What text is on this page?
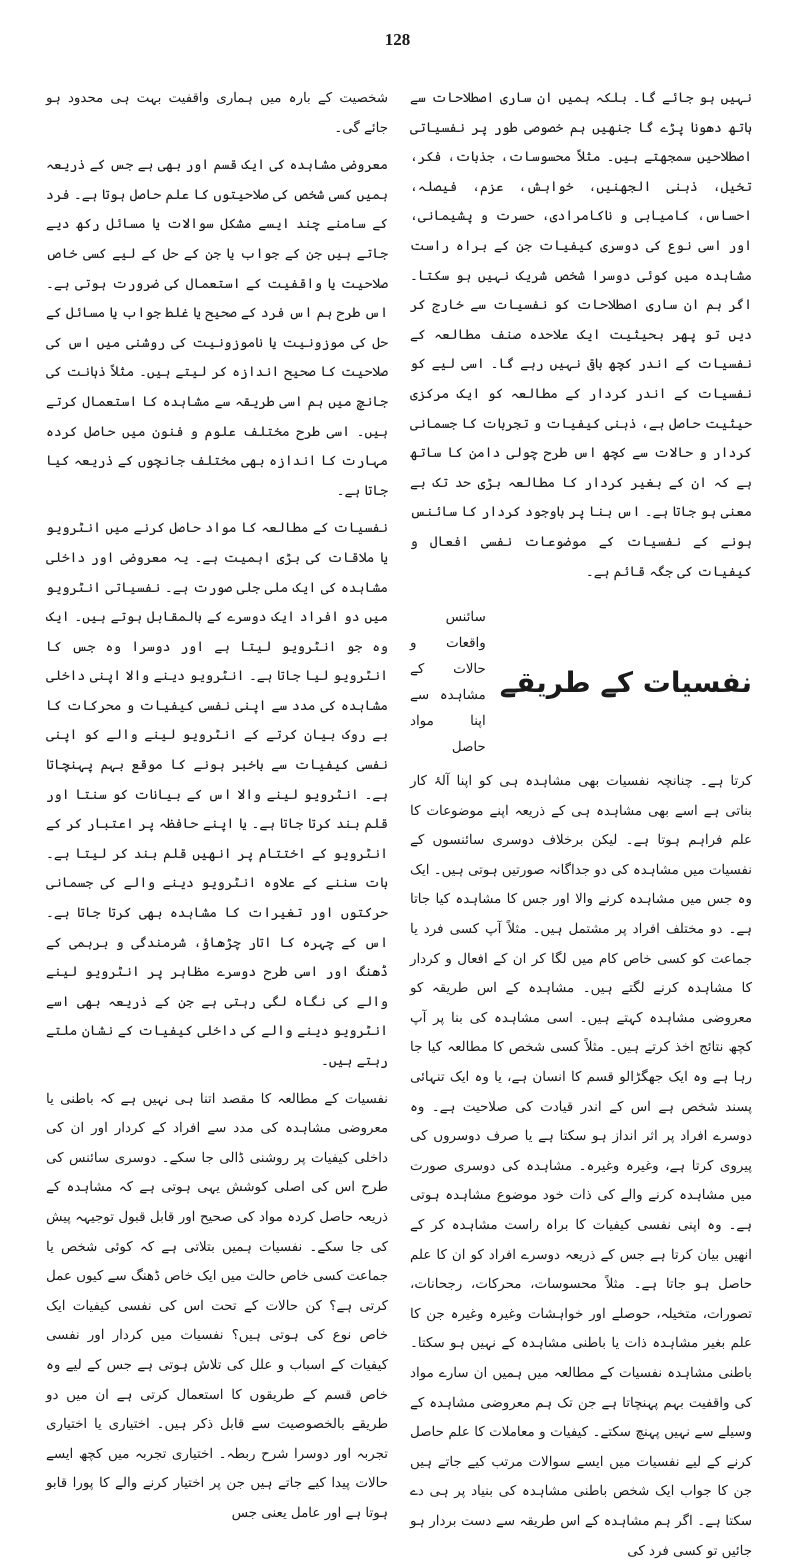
128

نہیں ہو جائے گا۔ بلکہ ہمیں ان ساری اصطلاحات سے ہاتھ دھونا پڑے گا جنھیں ہم خصوصی طور پر نفسیاتی اصطلاحیں سمجھتے ہیں۔ مثلاً محسوسات، جذبات، فکر، تخیل، ذہنی الجھنیں، خواہش، عزم، فیصلہ، احساس، کامیابی و ناکامرادی، حسرت و پشیمانی، اور اسی نوع کی دوسری کیفیات جن کے براہ راست مشاہدہ میں کوئی دوسرا شخص شریک نہیں ہو سکتا۔ اگر ہم ان ساری اصطلاحات کو نفسیات سے خارج کر دیں تو پھر بحیثیت ایک علاحدہ صنف مطالعہ کے نفسیات کے اندر کچھ باقی نہیں رہے گا۔ اسی لیے کو نفسیات کے اندر کردار کے مطالعہ کو ایک مرکزی حیثیت حاصل ہے، ذہنی کیفیات و تجربات کا جسمانی کردار و حالات سے کچھ اس طرح چولی دامن کا ساتھ ہے کہ ان کے بغیر کردار کا مطالعہ بڑی حد تک بے معنی ہو جاتا ہے۔ اس بنا پر باوجود کردار کا سائنس ہونے کے نفسیات کے موضوعات نفسی افعال و کیفیات کی جگہ قائم ہے۔

نفسیات کے طریقے
سائنس واقعات و حالات کے مشاہدہ سے اپنا مواد حاصل

کرتا ہے۔ چنانچہ نفسیات بھی مشاہدہ ہی کو اپنا آلۂ کار بناتی ہے اسے بھی مشاہدہ ہی کے ذریعہ اپنے موضوعات کا علم فراہم ہوتا ہے۔ لیکن برخلاف دوسری سائنسوں کے نفسیات میں مشاہدہ کی دو جداگانہ صورتیں ہوتی ہیں۔ ایک وہ جس میں مشاہدہ کرنے والا اور جس کا مشاہدہ کیا جاتا ہے۔ دو مختلف افراد پر مشتمل ہیں۔ مثلاً آپ کسی فرد یا جماعت کو کسی خاص کام میں لگا کر ان کے افعال و کردار کا مشاہدہ کرنے لگتے ہیں۔ مشاہدہ کے اس طریقہ کو معروضی مشاہدہ کہتے ہیں۔ اسی مشاہدہ کی بنا پر آپ کچھ نتائج اخذ کرتے ہیں۔ مثلاً کسی شخص کا مطالعہ کیا جا رہا ہے وہ ایک جھگڑالو قسم کا انسان ہے، یا وہ ایک تنہائی پسند شخص ہے اس کے اندر قیادت کی صلاحیت ہے۔ وہ دوسرے افراد پر اثر انداز ہو سکتا ہے یا صرف دوسروں کی پیروی کرتا ہے، وغیرہ وغیرہ۔ مشاہدہ کی دوسری صورت میں مشاہدہ کرنے والے کی ذات خود موضوع مشاہدہ ہوتی ہے۔ وہ اپنی نفسی کیفیات کا براہ راست مشاہدہ کر کے انھیں بیان کرتا ہے جس کے ذریعہ دوسرے افراد کو ان کا علم حاصل ہو جاتا ہے۔ مثلاً محسوسات، محرکات، رجحانات، تصورات، متخیلہ، حوصلے اور خواہشات وغیرہ وغیرہ جن کا علم بغیر مشاہدہ ذات یا باطنی مشاہدہ کے نہیں ہو سکتا۔ باطنی مشاہدہ نفسیات کے مطالعہ میں ہمیں ان سارے مواد کی واقفیت بہم پہنچاتا ہے جن تک ہم معروضی مشاہدہ کے وسیلے سے نہیں پہنچ سکتے۔ کیفیات و معاملات کا علم حاصل کرنے کے لیے نفسیات میں ایسے سوالات مرتب کیے جاتے ہیں جن کا جواب ایک شخص باطنی مشاہدہ کی بنیاد پر ہی دے سکتا ہے۔ اگر ہم مشاہدہ کے اس طریقہ سے دست بردار ہو جائیں تو کسی فرد کی

شخصیت کے بارہ میں ہماری واقفیت بہت ہی محدود ہو جائے گی۔

معروضی مشاہدہ کی ایک قسم اور بھی ہے جس کے ذریعہ ہمیں کسی شخص کی صلاحیتوں کا علم حاصل ہوتا ہے۔ فرد کے سامنے چند ایسے مشکل سوالات یا مسائل رکھ دیے جاتے ہیں جن کے جواب یا جن کے حل کے لیے کسی خاص صلاحیت یا واقفیت کے استعمال کی ضرورت ہوتی ہے۔ اس طرح ہم اس فرد کے صحیح یا غلط جواب یا مسائل کے حل کی موزونیت یا ناموزونیت کی روشنی میں اس کی صلاحیت کا صحیح اندازہ کر لیتے ہیں۔ مثلاً ذہانت کی جانچ میں ہم اسی طریقہ سے مشاہدہ کا استعمال کرتے ہیں۔ اسی طرح مختلف علوم و فنون میں حاصل کردہ مہارت کا اندازہ بھی مختلف جانچوں کے ذریعہ کیا جاتا ہے۔

نفسیات کے مطالعہ کا مواد حاصل کرنے میں انٹرویو یا ملاقات کی بڑی اہمیت ہے۔ یہ معروضی اور داخلی مشاہدہ کی ایک ملی جلی صورت ہے۔ نفسیاتی انٹرویو میں دو افراد ایک دوسرے کے بالمقابل ہوتے ہیں۔ ایک وہ جو انٹرویو لیتا ہے اور دوسرا وہ جس کا انٹرویو لیا جاتا ہے۔ انٹرویو دینے والا اپنی داخلی مشاہدہ کی مدد سے اپنی نفسی کیفیات و محرکات کا بے روک بیان کرتے کے انٹرویو لینے والے کو اپنی نفسی کیفیات سے باخبر ہونے کا موقع بہم پہنچاتا ہے۔ انٹرویو لینے والا اس کے بیانات کو سنتا اور قلم بند کرتا جاتا ہے۔ یا اپنے حافظہ پر اعتبار کر کے انٹرویو کے اختتام پر انھیں قلم بند کر لیتا ہے۔ بات سننے کے علاوہ انٹرویو دینے والے کی جسمانی حرکتوں اور تغیرات کا مشاہدہ بھی کرتا جاتا ہے۔ اس کے چہرہ کا اتار چڑھاؤ، شرمندگی و برہمی کے ڈھنگ اور اسی طرح دوسرے مظاہر پر انٹرویو لینے والے کی نگاہ لگی رہتی ہے جن کے ذریعہ بھی اسے انٹرویو دینے والے کی داخلی کیفیات کے نشان ملتے رہتے ہیں۔

نفسیات کے مطالعہ کا مقصد اتنا ہی نہیں ہے کہ باطنی یا معروضی مشاہدہ کی مدد سے افراد کے کردار اور ان کی داخلی کیفیات پر روشنی ڈالی جا سکے۔ دوسری سائنس کی طرح اس کی اصلی کوشش یہی ہوتی ہے کہ مشاہدہ کے ذریعہ حاصل کردہ مواد کی صحیح اور قابل قبول توجیہہ پیش کی جا سکے۔ نفسیات ہمیں بتلاتی ہے کہ کوئی شخص یا جماعت کسی خاص حالت میں ایک خاص ڈھنگ سے کیوں عمل کرتی ہے؟ کن حالات کے تحت اس کی نفسی کیفیات ایک خاص نوع کی ہوتی ہیں؟ نفسیات میں کردار اور نفسی کیفیات کے اسباب و علل کی تلاش ہوتی ہے جس کے لیے وہ خاص قسم کے طریقوں کا استعمال کرتی ہے ان میں دو طریقے بالخصوصیت سے قابل ذکر ہیں۔ اختیاری یا اختیاری تجربہ اور دوسرا شرح ربطہ۔ اختیاری تجربہ میں کچھ ایسے حالات پیدا کیے جاتے ہیں جن پر اختیار کرنے والے کا پورا قابو ہوتا ہے اور عامل یعنی جس
